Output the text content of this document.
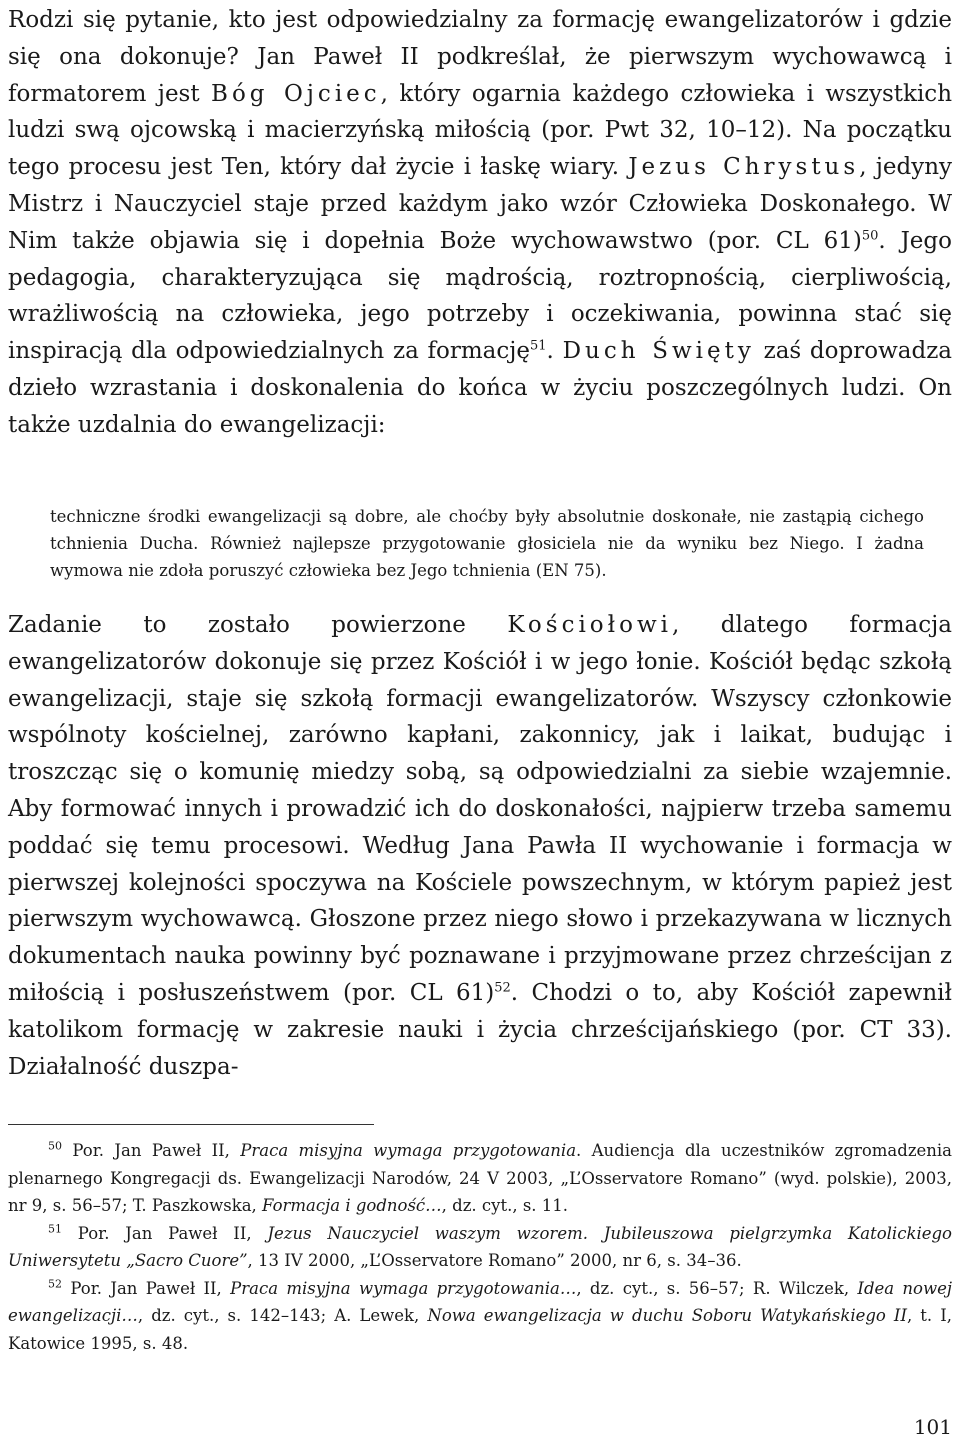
Rodzi się pytanie, kto jest odpowiedzialny za formację ewangelizatorów i gdzie się ona dokonuje? Jan Paweł II podkreślał, że pierwszym wychowawcą i formatorem jest Bóg Ojciec, który ogarnia każdego człowieka i wszystkich ludzi swą ojcowską i macierzyńską miłością (por. Pwt 32, 10–12). Na początku tego procesu jest Ten, który dał życie i łaskę wiary. Jezus Chrystus, jedyny Mistrz i Nauczyciel staje przed każdym jako wzór Człowieka Doskonałego. W Nim także objawia się i dopełnia Boże wychowawstwo (por. CL 61)$^{50}$. Jego pedagogia, charakteryzująca się mądrością, roztropnością, cierpliwością, wrażliwością na człowieka, jego potrzeby i oczekiwania, powinna stać się inspiracją dla odpowiedzialnych za formację$^{51}$. Duch Święty zaś doprowadza dzieło wzrastania i doskonalenia do końca w życiu poszczególnych ludzi. On także uzdalnia do ewangelizacji:

techniczne środki ewangelizacji są dobre, ale choćby były absolutnie doskonałe, nie zastąpią cichego tchnienia Ducha. Również najlepsze przygotowanie głosiciela nie da wyniku bez Niego. I żadna wymowa nie zdoła poruszyć człowieka bez Jego tchnienia (EN 75).

Zadanie to zostało powierzone Kościołowi, dlatego formacja ewangelizatorów dokonuje się przez Kościół i w jego łonie. Kościół będąc szkołą ewangelizacji, staje się szkołą formacji ewangelizatorów. Wszyscy członkowie wspólnoty kościelnej, zarówno kapłani, zakonnicy, jak i laikat, budując i troszcząc się o komunię miedzy sobą, są odpowiedzialni za siebie wzajemnie. Aby formować innych i prowadzić ich do doskonałości, najpierw trzeba samemu poddać się temu procesowi. Według Jana Pawła II wychowanie i formacja w pierwszej kolejności spoczywa na Kościele powszechnym, w którym papież jest pierwszym wychowawcą. Głoszone przez niego słowo i przekazywana w licznych dokumentach nauka powinny być poznawane i przyjmowane przez chrześcijan z miłością i posłuszeństwem (por. CL 61)$^{52}$. Chodzi o to, aby Kościół zapewnił katolikom formację w zakresie nauki i życia chrześcijańskiego (por. CT 33). Działalność duszpa-

$^{50}$ Por. Jan Paweł II, Praca misyjna wymaga przygotowania. Audiencja dla uczestników zgromadzenia plenarnego Kongregacji ds. Ewangelizacji Narodów, 24 V 2003, „L’Osservatore Romano” (wyd. polskie), 2003, nr 9, s. 56–57; T. Paszkowska, Formacja i godność…, dz. cyt., s. 11.

$^{51}$ Por. Jan Paweł II, Jezus Nauczyciel waszym wzorem. Jubileuszowa pielgrzymka Katolickiego Uniwersytetu „Sacro Cuore”, 13 IV 2000, „L’Osservatore Romano” 2000, nr 6, s. 34–36.

$^{52}$ Por. Jan Paweł II, Praca misyjna wymaga przygotowania…, dz. cyt., s. 56–57; R. Wilczek, Idea nowej ewangelizacji…, dz. cyt., s. 142–143; A. Lewek, Nowa ewangelizacja w duchu Soboru Watykańskiego II, t. I, Katowice 1995, s. 48.

101
